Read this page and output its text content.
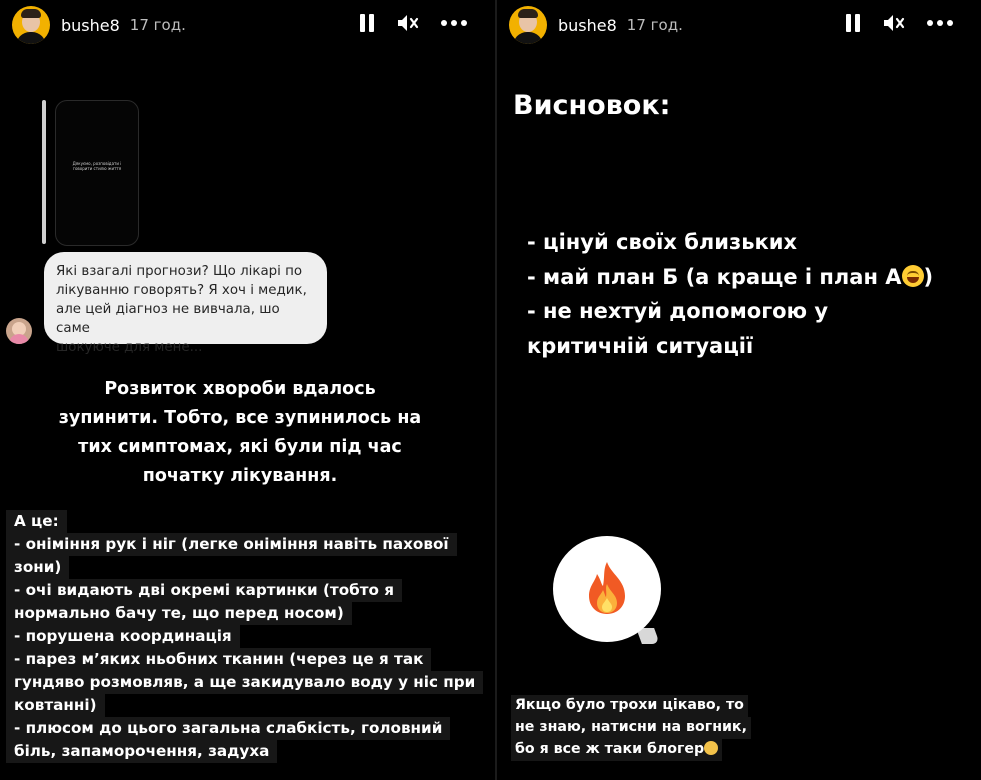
bushe8 17 год.
Дякуємо, розповідати і говорити стилю життя
Які взагалі прогнози? Що лікарі по
лікуванню говорять? Я хоч і медик,
але цей діагноз не вивчала, шо саме
шокуюче для мене...
Розвиток хвороби вдалось
зупинити. Тобто, все зупинилось на
тих симптомах, які були під час
початку лікування.
А це:
- оніміння рук і ніг (легке оніміння навіть пахової
зони)
- очі видають дві окремі картинки (тобто я
нормально бачу те, що перед носом)
- порушена координація
- парез м’яких ньобних тканин (через це я так
гундяво розмовляв, а ще закидувало воду у ніс при
ковтанні)
- плюсом до цього загальна слабкість, головний
біль, запаморочення, задуха
bushe8 17 год.
Висновок:
- цінуй своїх близьких
- май план Б (а краще і план А )
- не нехтуй допомогою у
критичній ситуації
Якщо було трохи цікаво, то
не знаю, натисни на вогник,
бо я все ж таки блогер
